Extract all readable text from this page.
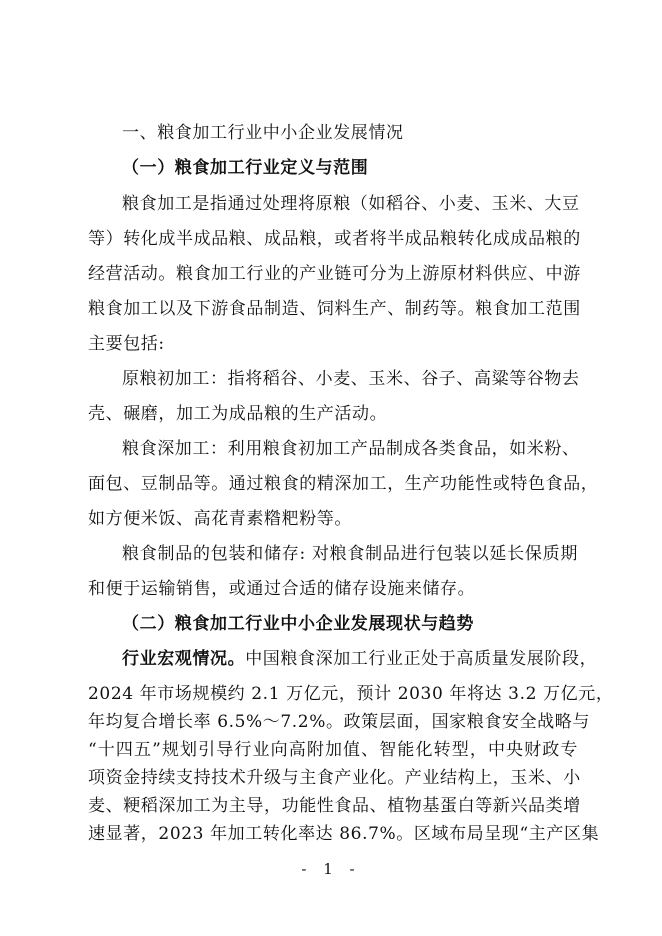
一、粮食加工行业中小企业发展情况
（一）粮食加工行业定义与范围
粮食加工是指通过处理将原粮（如稻谷、小麦、玉米、大豆
等）转化成半成品粮、成品粮，或者将半成品粮转化成成品粮的
经营活动。粮食加工行业的产业链可分为上游原材料供应、中游
粮食加工以及下游食品制造、饲料生产、制药等。粮食加工范围
主要包括:
原粮初加工：指将稻谷、小麦、玉米、谷子、高粱等谷物去
壳、碾磨，加工为成品粮的生产活动。
粮食深加工：利用粮食初加工产品制成各类食品，如米粉、
面包、豆制品等。通过粮食的精深加工，生产功能性或特色食品，
如方便米饭、高花青素糌粑粉等。
粮食制品的包装和储存: 对粮食制品进行包装以延长保质期
和便于运输销售，或通过合适的储存设施来储存。
（二）粮食加工行业中小企业发展现状与趋势
行业宏观情况。中国粮食深加工行业正处于高质量发展阶段，
2024 年市场规模约 2.1 万亿元，预计 2030 年将达 3.2 万亿元，
年均复合增长率 6.5%～7.2%。政策层面，国家粮食安全战略与
“十四五”规划引导行业向高附加值、智能化转型，中央财政专
项资金持续支持技术升级与主食产业化。产业结构上，玉米、小
麦、粳稻深加工为主导，功能性食品、植物基蛋白等新兴品类增
- 1 -
速显著，2023 年加工转化率达 86.7%。区域布局呈现“主产区集
